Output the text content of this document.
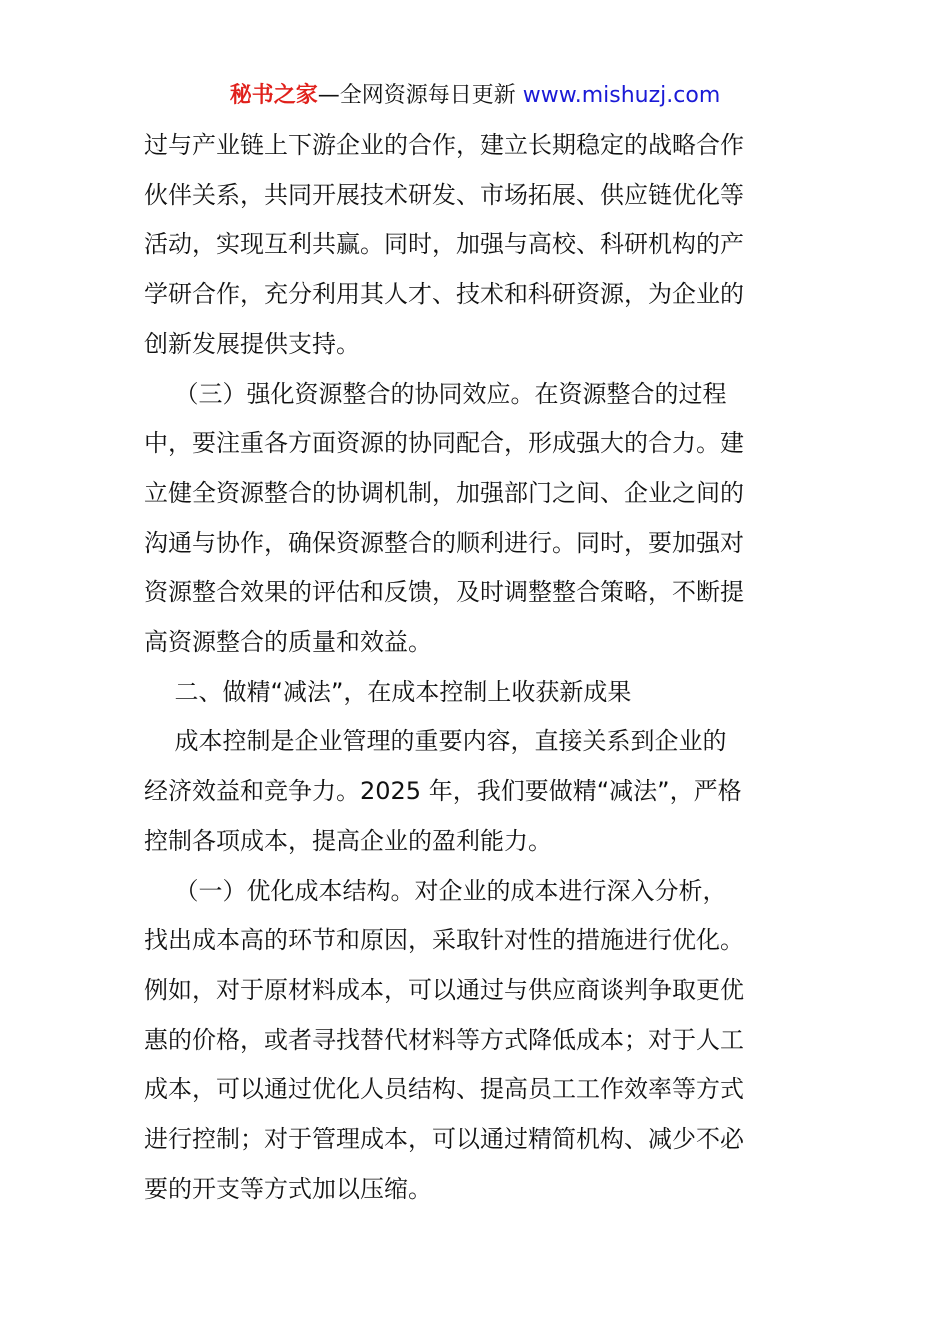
秘书之家—全网资源每日更新 www.mishuzj.com

过与产业链上下游企业的合作，建立长期稳定的战略合作

伙伴关系，共同开展技术研发、市场拓展、供应链优化等

活动，实现互利共赢。同时，加强与高校、科研机构的产

学研合作，充分利用其人才、技术和科研资源，为企业的

创新发展提供支持。

（三）强化资源整合的协同效应。在资源整合的过程

中，要注重各方面资源的协同配合，形成强大的合力。建

立健全资源整合的协调机制，加强部门之间、企业之间的

沟通与协作，确保资源整合的顺利进行。同时，要加强对

资源整合效果的评估和反馈，及时调整整合策略，不断提

高资源整合的质量和效益。

二、做精“减法”，在成本控制上收获新成果

成本控制是企业管理的重要内容，直接关系到企业的

经济效益和竞争力。2025 年，我们要做精“减法”，严格

控制各项成本，提高企业的盈利能力。

（一）优化成本结构。对企业的成本进行深入分析，

找出成本高的环节和原因，采取针对性的措施进行优化。

例如，对于原材料成本，可以通过与供应商谈判争取更优

惠的价格，或者寻找替代材料等方式降低成本；对于人工

成本，可以通过优化人员结构、提高员工工作效率等方式

进行控制；对于管理成本，可以通过精简机构、减少不必

要的开支等方式加以压缩。
